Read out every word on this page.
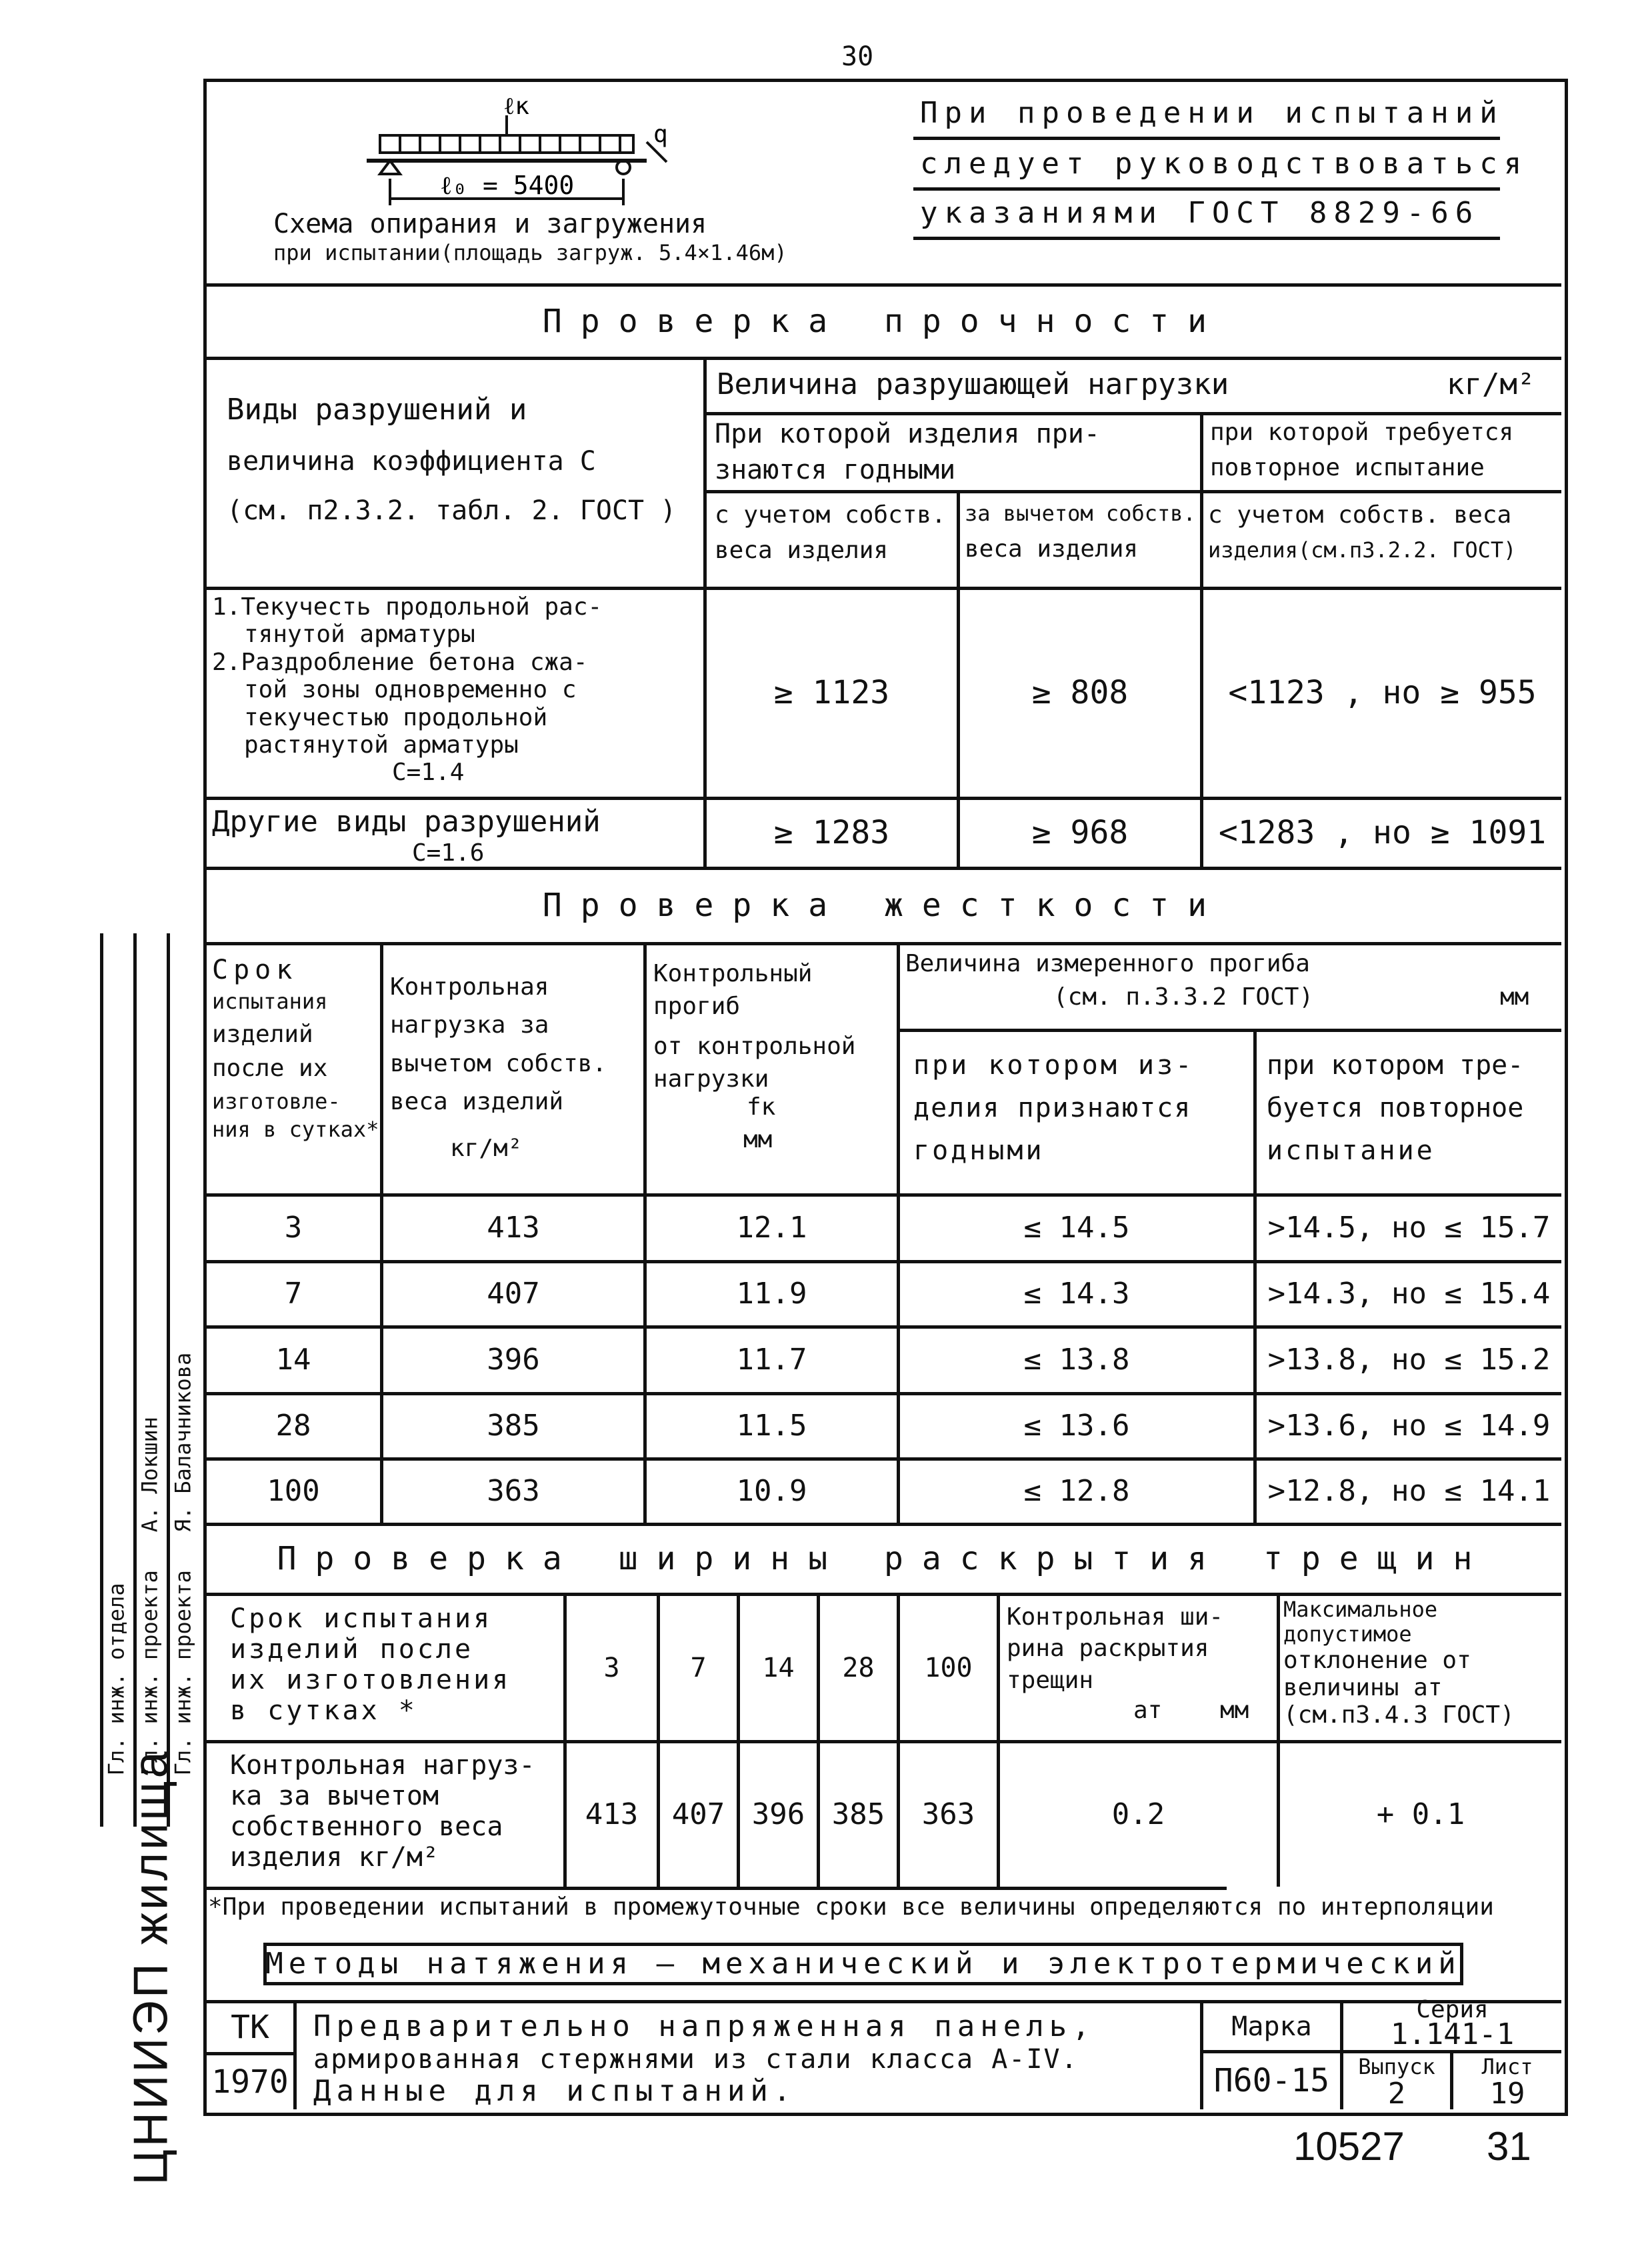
30
ℓк
q
ℓ₀ = 5400
Схема опирания и загружения
при испытании(площадь загруж. 5.4×1.46м)
При проведении испытаний
следует руководствоваться
указаниями ГОСТ 8829-66
Проверка прочности
Виды разрушений и
величина коэффициента C
(см. п2.3.2. табл. 2. ГОСТ )
Величина разрушающей нагрузки	кг/м²
При которой изделия при-
знаются годными
при которой требуется
повторное испытание
с учетом собств.
веса изделия
за вычетом собств.
веса изделия
с учетом собств. веса
изделия(см.п3.2.2. ГОСТ)
1.Текучесть продольной рас-
тянутой арматуры
2.Раздробление бетона сжа-
той зоны одновременно с
текучестью продольной
растянутой арматуры
C=1.4
≥ 1123	≥ 808	<1123 , но ≥ 955
Другие виды разрушений
C=1.6
≥ 1283	≥ 968	<1283 , но ≥ 1091
Проверка жесткости
Срок
испытания
изделий
после их
изготовле-
ния в сутках*
Контрольная
нагрузка за
вычетом собств.
веса изделий
кг/м²
Контрольный
прогиб
от контрольной
нагрузки
fк
мм
Величина измеренного прогиба
(см. п.3.3.2 ГОСТ)	мм
при котором из-
делия признаются
годными
при котором тре-
буется повторное
испытание
3	413	12.1	≤ 14.5	>14.5, но ≤ 15.7
7	407	11.9	≤ 14.3	>14.3, но ≤ 15.4
14	396	11.7	≤ 13.8	>13.8, но ≤ 15.2
28	385	11.5	≤ 13.6	>13.6, но ≤ 14.9
100	363	10.9	≤ 12.8	>12.8, но ≤ 14.1
Проверка ширины раскрытия трещин
Срок испытания
изделий после
их изготовления
в сутках *
3	7	14	28	100
Контрольная ши-
рина раскрытия
трещин
aт мм
Максимальное
допустимое
отклонение от
величины aт
(см.п3.4.3 ГОСТ)
Контрольная нагруз-
ка за вычетом
собственного веса
изделия кг/м²
413	407 396 385	363	0.2	+ 0.1
*При проведении испытаний в промежуточные сроки все величины определяются по интерполяции
Методы натяжения — механический и электротермический
ТК
1970
Предварительно напряженная панель,
армированная стержнями из стали класса A-IV.
Данные для испытаний.
Марка
П60-15
Серия
1.141-1
Выпуск
2
Лист
19
ЦНИИЭП жилища
Гл. инж. отдела Гл. инж. проекта Гл. инж. проекта
А. Локшин Я. Балачникова
10527 31
